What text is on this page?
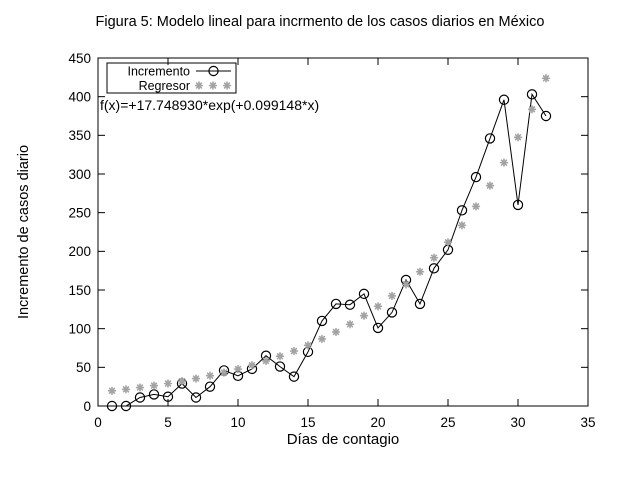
Figura 5: Modelo lineal para incrmento de los casos diarios en México
Días de contagio
Incremento de casos diario
0	5	10	15	20	25	30	35
0
50
100
150
200
250
300
350
400
450
Incremento
Regresor
f(x)=+17.748930*exp(+0.099148*x)
